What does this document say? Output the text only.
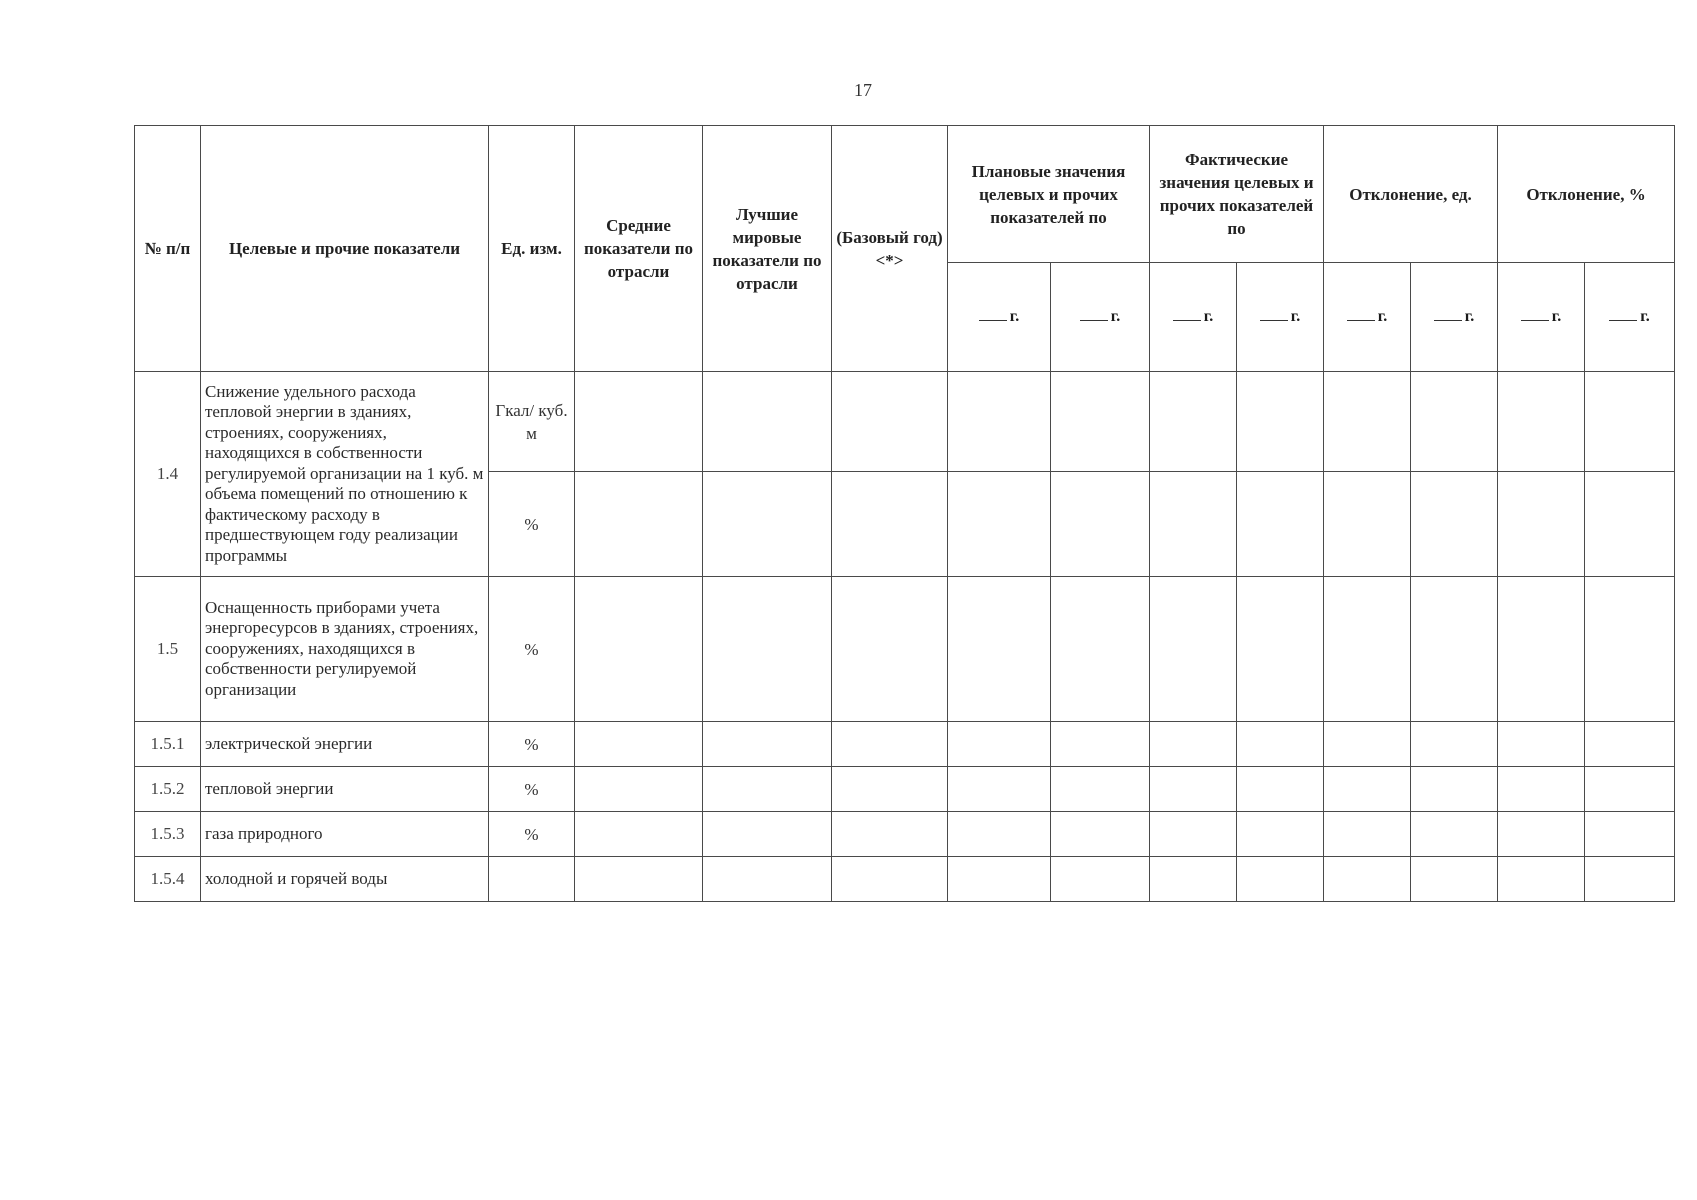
17
№ п/п	Целевые и прочие показатели	Ед. изм.	Средние показатели по отрасли	Лучшие мировые показатели по отрасли	(Базовый год) <*>	Плановые значения целевых и прочих показателей по		Фактические значения целевых и прочих показателей по		Отклонение, ед.		Отклонение, %	
						г.	г.	г.	г.	г.	г.	г.	г.
1.4	Снижение удельного расхода тепловой энергии в зданиях, строениях, сооружениях, находящихся в собственности регулируемой организации на 1 куб. м объема помещений по отношению к фактическому расходу в предшествующем году реализации программы	Гкал/ куб. м											
		%											
1.5	Оснащенность приборами учета энергоресурсов в зданиях, строениях, сооружениях, находящихся в собственности регулируемой организации	%											
1.5.1	электрической энергии	%											
1.5.2	тепловой энергии	%											
1.5.3	газа природного	%											
1.5.4	холодной и горячей воды												
